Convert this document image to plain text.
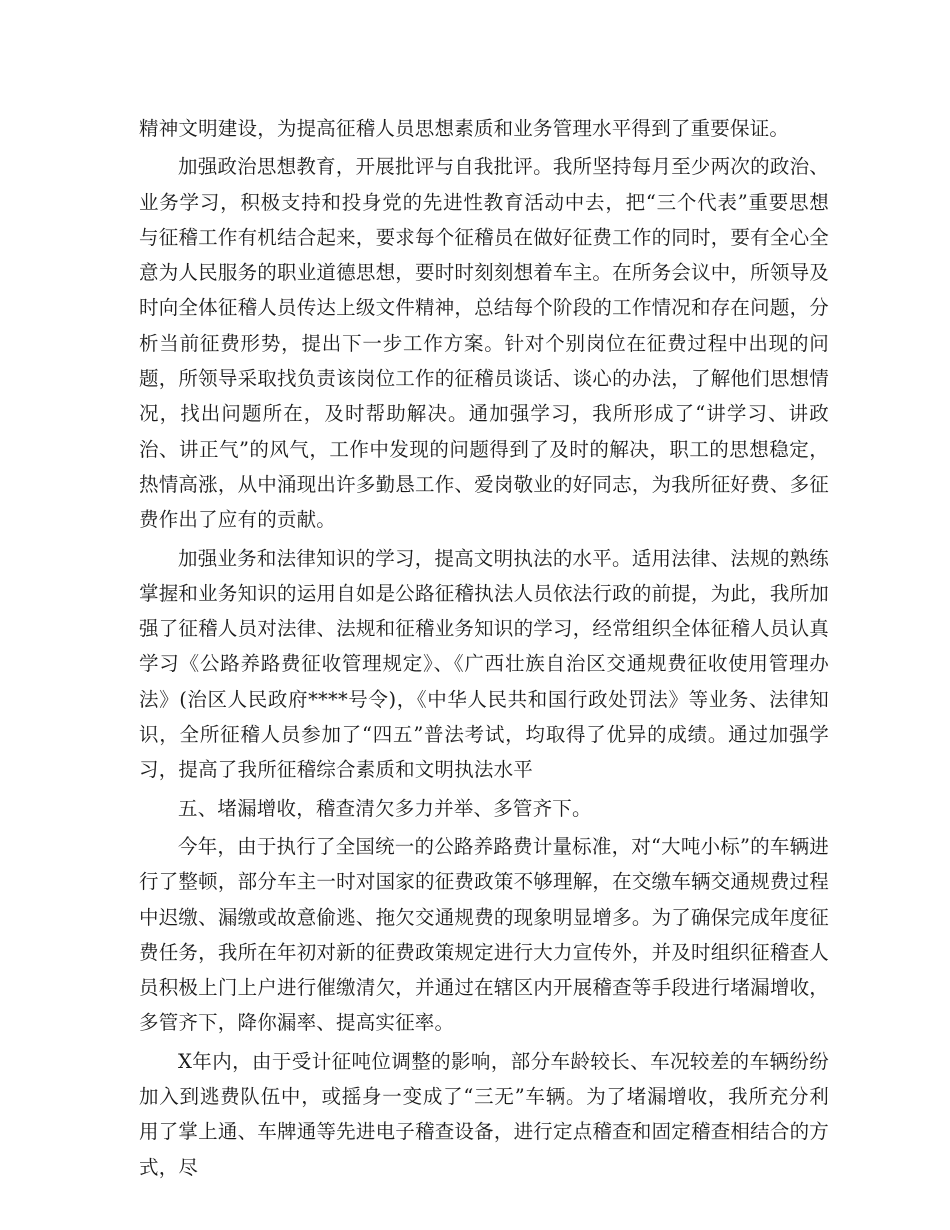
精神文明建设，为提高征稽人员思想素质和业务管理水平得到了重要保证。

加强政治思想教育，开展批评与自我批评。我所坚持每月至少两次的政治、业务学习，积极支持和投身党的先进性教育活动中去，把“三个代表”重要思想与征稽工作有机结合起来，要求每个征稽员在做好征费工作的同时，要有全心全意为人民服务的职业道德思想，要时时刻刻想着车主。在所务会议中，所领导及时向全体征稽人员传达上级文件精神，总结每个阶段的工作情况和存在问题，分析当前征费形势，提出下一步工作方案。针对个别岗位在征费过程中出现的问题，所领导采取找负责该岗位工作的征稽员谈话、谈心的办法，了解他们思想情况，找出问题所在，及时帮助解决。通加强学习，我所形成了“讲学习、讲政治、讲正气”的风气，工作中发现的问题得到了及时的解决，职工的思想稳定，热情高涨，从中涌现出许多勤恳工作、爱岗敬业的好同志，为我所征好费、多征费作出了应有的贡献。

加强业务和法律知识的学习，提高文明执法的水平。适用法律、法规的熟练掌握和业务知识的运用自如是公路征稽执法人员依法行政的前提，为此，我所加强了征稽人员对法律、法规和征稽业务知识的学习，经常组织全体征稽人员认真学习《公路养路费征收管理规定》、《广西壮族自治区交通规费征收使用管理办法》(治区人民政府****号令)，《中华人民共和国行政处罚法》等业务、法律知识，全所征稽人员参加了“四五”普法考试，均取得了优异的成绩。通过加强学习，提高了我所征稽综合素质和文明执法水平

五、堵漏增收，稽查清欠多力并举、多管齐下。

今年，由于执行了全国统一的公路养路费计量标准，对“大吨小标”的车辆进行了整顿，部分车主一时对国家的征费政策不够理解，在交缴车辆交通规费过程中迟缴、漏缴或故意偷逃、拖欠交通规费的现象明显增多。为了确保完成年度征费任务，我所在年初对新的征费政策规定进行大力宣传外，并及时组织征稽查人员积极上门上户进行催缴清欠，并通过在辖区内开展稽查等手段进行堵漏增收，多管齐下，降你漏率、提高实征率。

X年内，由于受计征吨位调整的影响，部分车龄较长、车况较差的车辆纷纷加入到逃费队伍中，或摇身一变成了“三无”车辆。为了堵漏增收，我所充分利用了掌上通、车牌通等先进电子稽查设备，进行定点稽查和固定稽查相结合的方式，尽
